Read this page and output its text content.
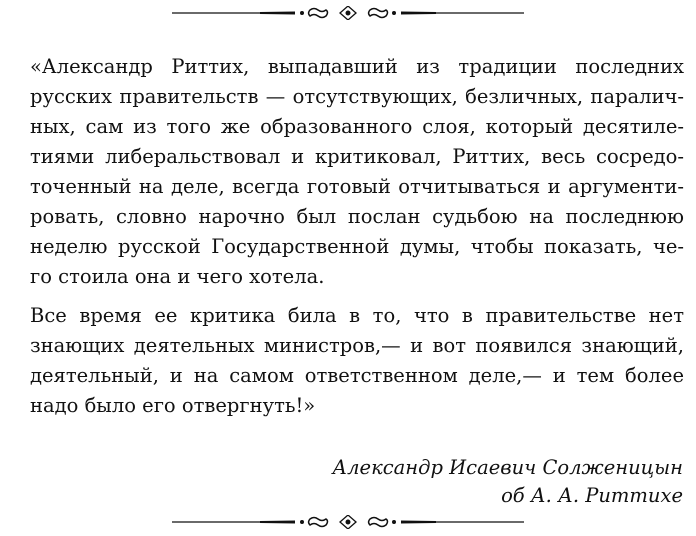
«Александр Риттих, выпадавший из традиции последних
русских правительств — отсутствующих, безличных, паралич-
ных, сам из того же образованного слоя, который десятиле-
тиями либеральствовал и критиковал, Риттих, весь сосредо-
точенный на деле, всегда готовый отчитываться и аргументи-
ровать, словно нарочно был послан судьбою на последнюю
неделю русской Государственной думы, чтобы показать, че-
го стоила она и чего хотела.
Все время ее критика била в то, что в правительстве нет
знающих деятельных министров,— и вот появился знающий,
деятельный, и на самом ответственном деле,— и тем более
надо было его отвергнуть!»
Александр Исаевич Солженицын
об А. А. Риттихе
